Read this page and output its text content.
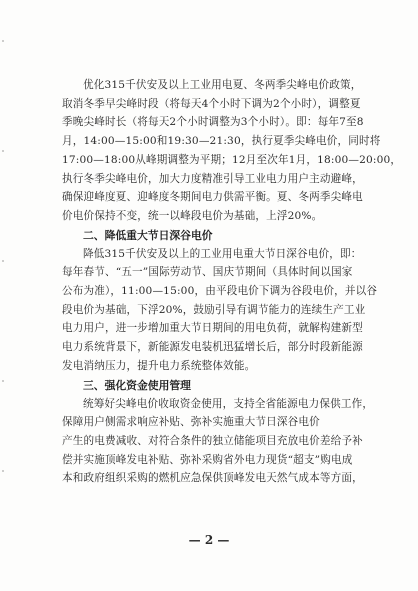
优化315千伏安及以上工业用电夏、冬两季尖峰电价政策，
取消冬季早尖峰时段（将每天4个小时下调为2个小时），调整夏
季晚尖峰时长（将每天2个小时调整为3个小时）。即：每年7至8
月，14:00—15:00和19:30—21:30，执行夏季尖峰电价，同时将
17:00—18:00从峰期调整为平期；12月至次年1月，18:00—20:00，
执行冬季尖峰电价，加大力度精准引导工业电力用户主动避峰，
确保迎峰度夏、迎峰度冬期间电力供需平衡。夏、冬两季尖峰电
价电价保持不变，统一以峰段电价为基础，上浮20%。
二、降低重大节日深谷电价
降低315千伏安及以上的工业用电重大节日深谷电价，即：
每年春节、“五一”国际劳动节、国庆节期间（具体时间以国家
公布为准），11:00—15:00，由平段电价下调为谷段电价，并以谷
段电价为基础，下浮20%，鼓励引导有调节能力的连续生产工业
电力用户，进一步增加重大节日期间的用电负荷，就解构建新型
电力系统背景下，新能源发电装机迅猛增长后，部分时段新能源
发电消纳压力，提升电力系统整体效能。
三、强化资金使用管理
统筹好尖峰电价收取资金使用，支持全省能源电力保供工作，
保障用户侧需求响应补贴、弥补实施重大节日深谷电价
产生的电费减收、对符合条件的独立储能项目充放电价差给予补
偿并实施顶峰发电补贴、弥补采购省外电力现货“超支”购电成
本和政府组织采购的燃机应急保供顶峰发电天然气成本等方面，
— 2 —
